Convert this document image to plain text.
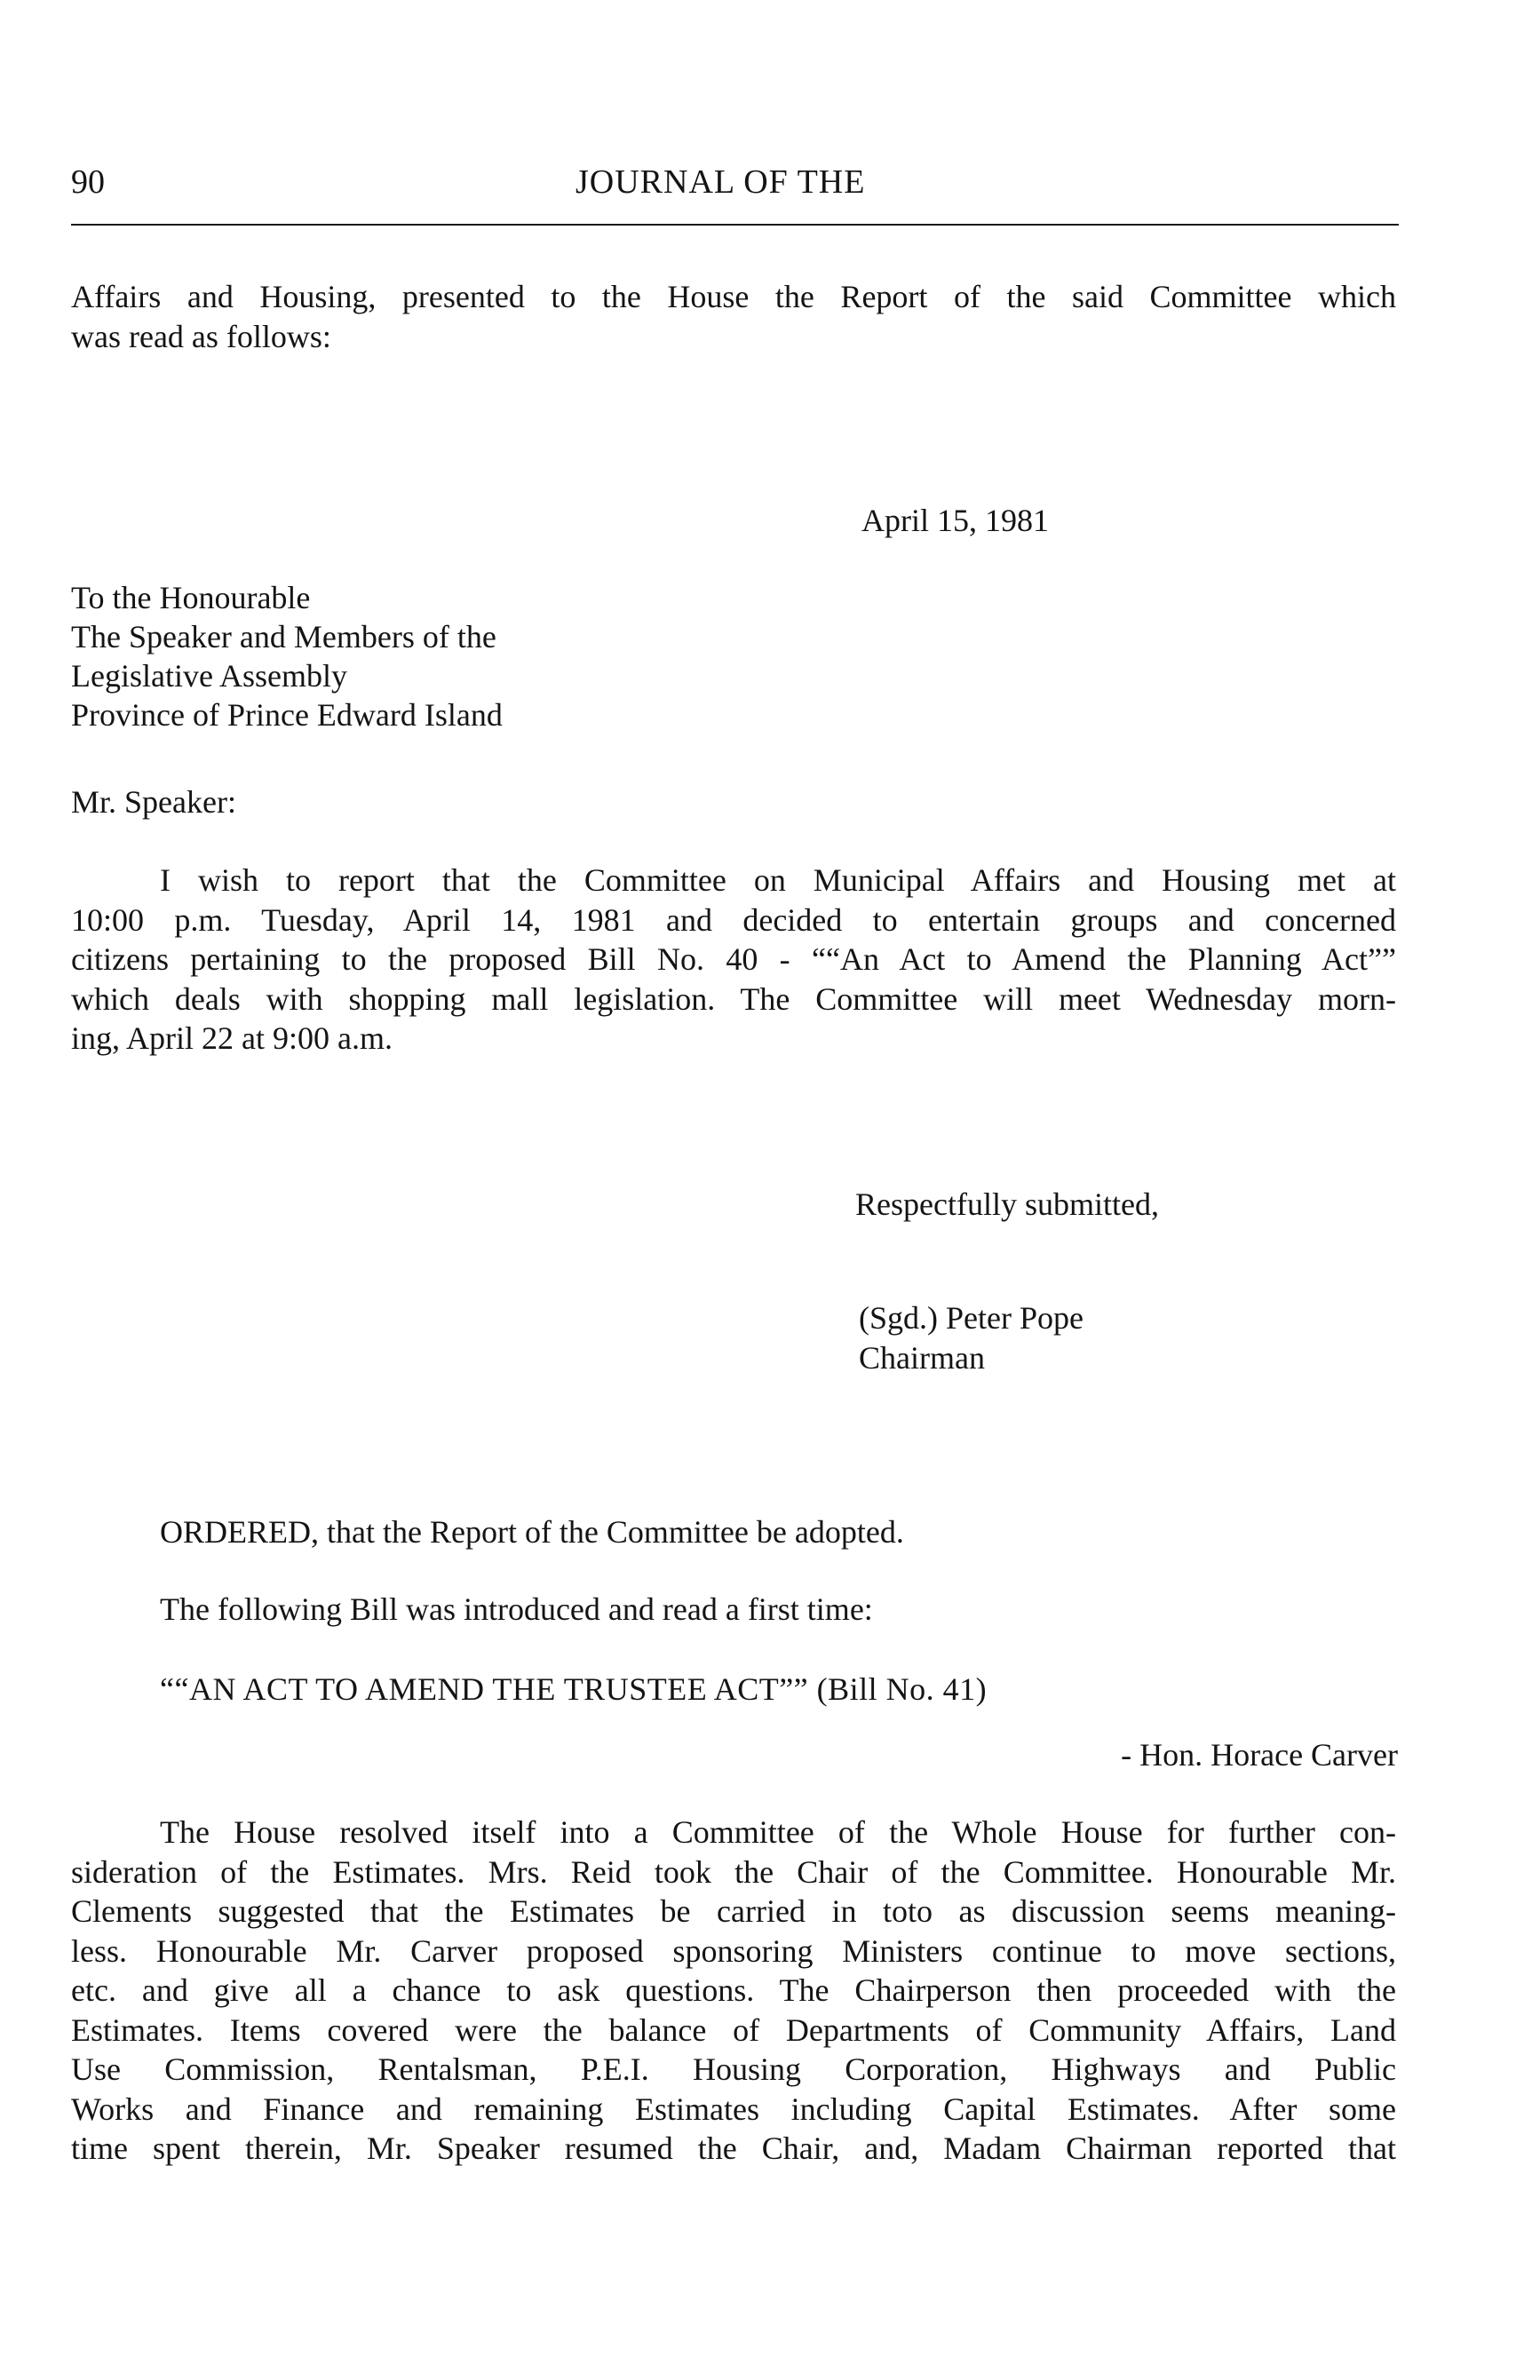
90	JOURNAL OF THE
Affairs and Housing, presented to the House the Report of the said Committee which
was read as follows:
April 15, 1981
To the Honourable
The Speaker and Members of the
Legislative Assembly
Province of Prince Edward Island
Mr. Speaker:
I wish to report that the Committee on Municipal Affairs and Housing met at
10:00 p.m. Tuesday, April 14, 1981 and decided to entertain groups and concerned
citizens pertaining to the proposed Bill No. 40 - ““An Act to Amend the Planning Act””
which deals with shopping mall legislation. The Committee will meet Wednesday morn-
ing, April 22 at 9:00 a.m.
Respectfully submitted,
(Sgd.) Peter Pope
Chairman
ORDERED, that the Report of the Committee be adopted.
The following Bill was introduced and read a first time:
““AN ACT TO AMEND THE TRUSTEE ACT”” (Bill No. 41)
- Hon. Horace Carver
The House resolved itself into a Committee of the Whole House for further con-
sideration of the Estimates. Mrs. Reid took the Chair of the Committee. Honourable Mr.
Clements suggested that the Estimates be carried in toto as discussion seems meaning-
less. Honourable Mr. Carver proposed sponsoring Ministers continue to move sections,
etc. and give all a chance to ask questions. The Chairperson then proceeded with the
Estimates. Items covered were the balance of Departments of Community Affairs, Land
Use Commission, Rentalsman, P.E.I. Housing Corporation, Highways and Public
Works and Finance and remaining Estimates including Capital Estimates. After some
time spent therein, Mr. Speaker resumed the Chair, and, Madam Chairman reported that
